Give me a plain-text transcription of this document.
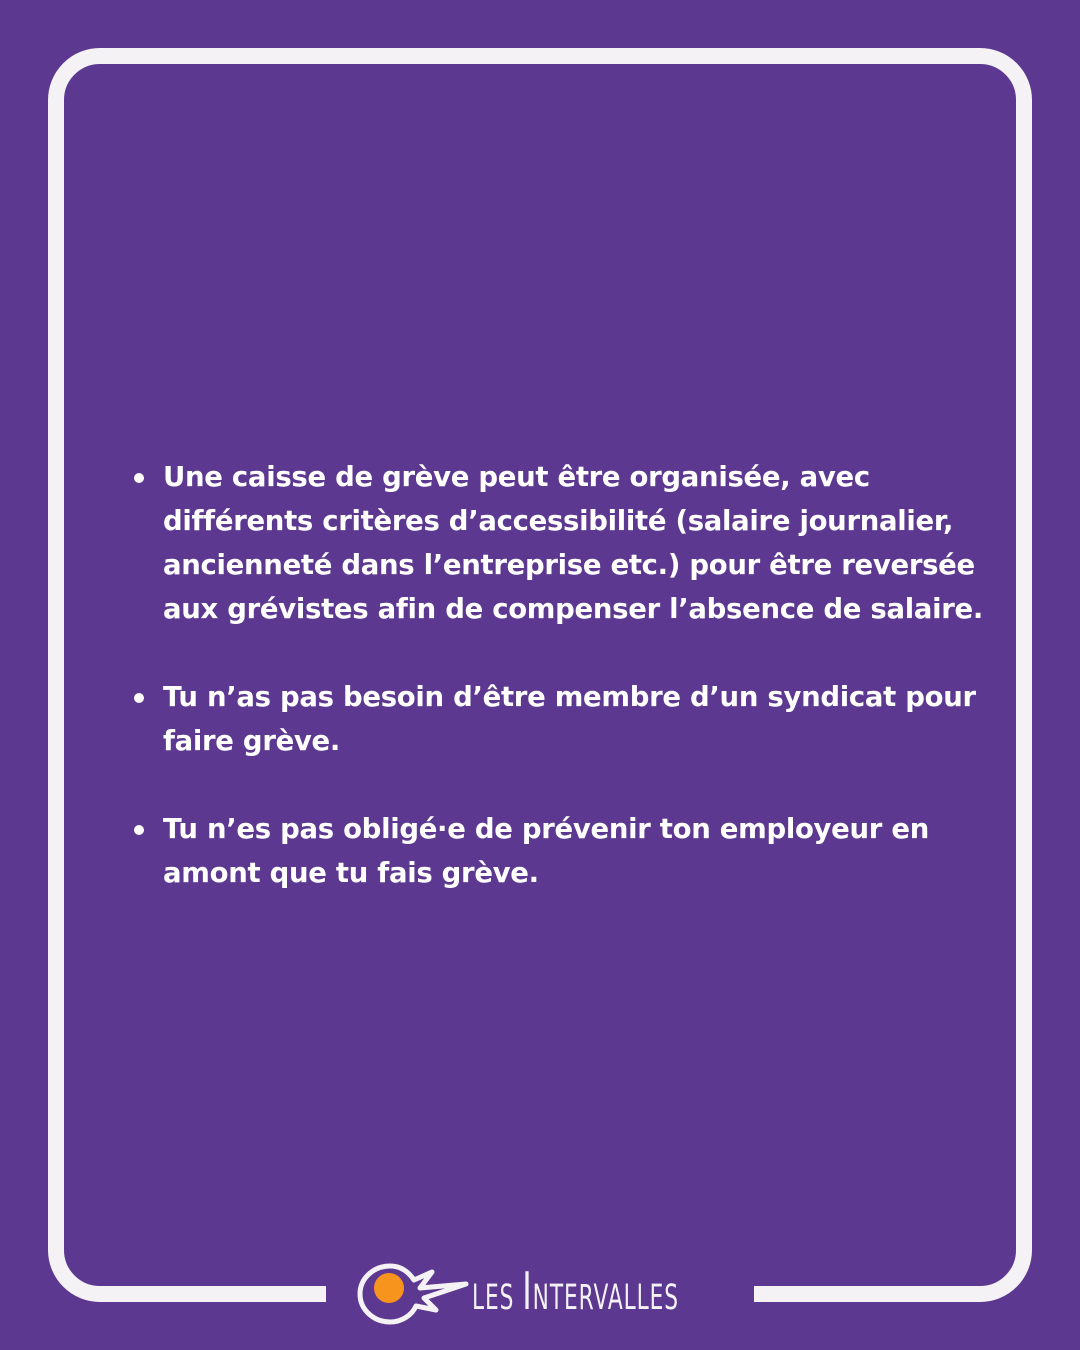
Une caisse de grève peut être organisée, avec différents critères d’accessibilité (salaire journalier, ancienneté dans l’entreprise etc.) pour être reversée aux grévistes afin de compenser l’absence de salaire.
Tu n’as pas besoin d’être membre d’un syndicat pour faire grève.
Tu n’es pas obligé·e de prévenir ton employeur en amont que tu fais grève.
LES INTERVALLES
